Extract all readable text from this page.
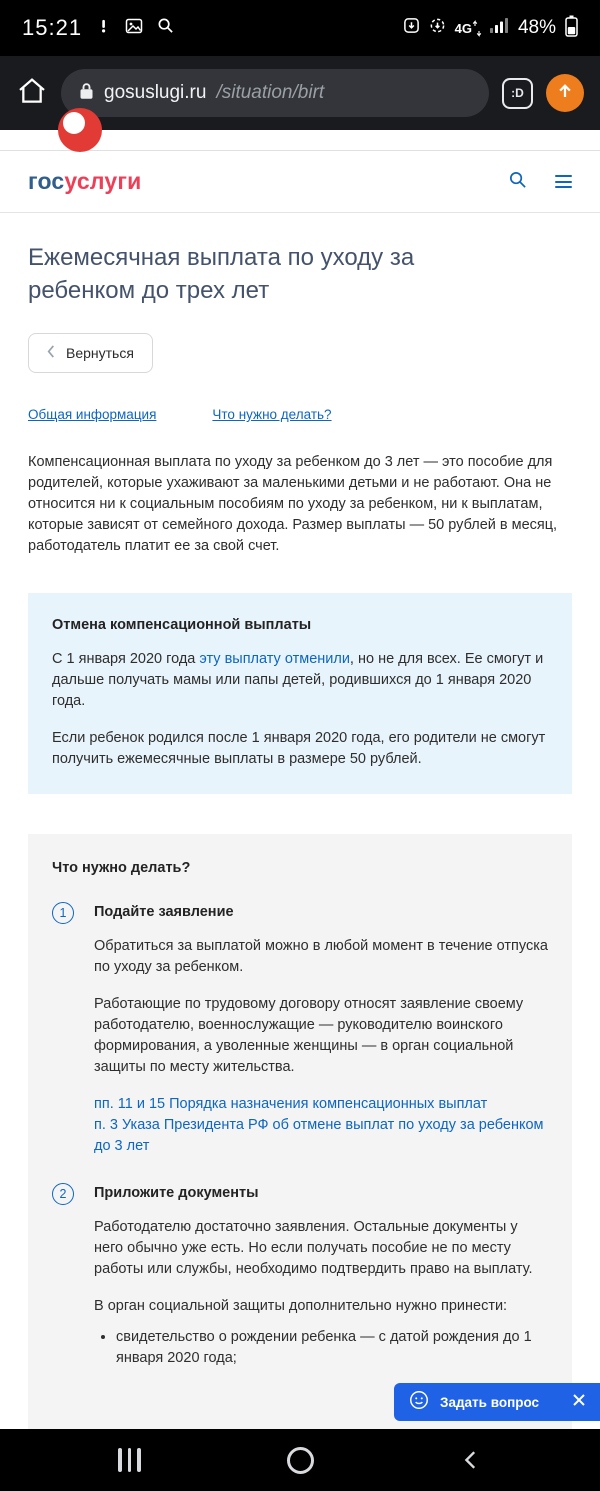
15:21	4G 48%
gosuslugi.ru /situation/birt	:D
госуслуги
Ежемесячная выплата по уходу за ребенком до трех лет
Вернуться
Общая информация	Что нужно делать?

Компенсационная выплата по уходу за ребенком до 3 лет — это пособие для родителей, которые ухаживают за маленькими детьми и не работают. Она не относится ни к социальным пособиям по уходу за ребенком, ни к выплатам, которые зависят от семейного дохода. Размер выплаты — 50 рублей в месяц, работодатель платит ее за свой счет.

Отмена компенсационной выплаты

С 1 января 2020 года эту выплату отменили, но не для всех. Ее смогут и дальше получать мамы или папы детей, родившихся до 1 января 2020 года.

Если ребенок родился после 1 января 2020 года, его родители не смогут получить ежемесячные выплаты в размере 50 рублей.

Что нужно делать?
1	Подайте заявление

Обратиться за выплатой можно в любой момент в течение отпуска по уходу за ребенком.

Работающие по трудовому договору относят заявление своему работодателю, военнослужащие — руководителю воинского формирования, а уволенные женщины — в орган социальной защиты по месту жительства.

пп. 11 и 15 Порядка назначения компенсационных выплат
п. 3 Указа Президента РФ об отмене выплат по уходу за ребенком до 3 лет
2	Приложите документы

Работодателю достаточно заявления. Остальные документы у него обычно уже есть. Но если получать пособие не по месту работы или службы, необходимо подтвердить право на выплату.

В орган социальной защиты дополнительно нужно принести:

• свидетельство о рождении ребенка — с датой рождения до 1 января 2020 года;
Задать вопрос
